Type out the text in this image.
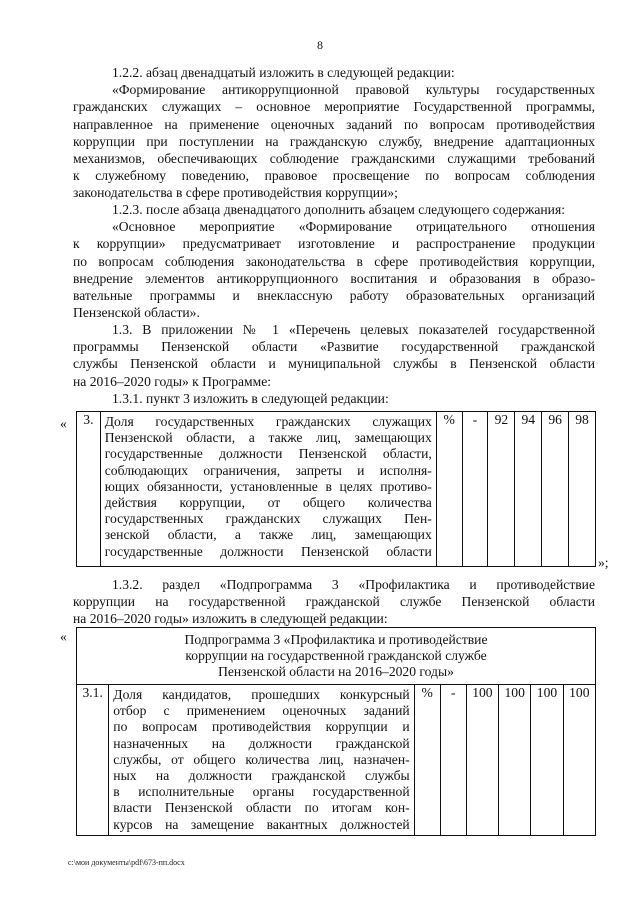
8
1.2.2. абзац двенадцатый изложить в следующей редакции:
«Формирование антикоррупционной правовой культуры государственных
гражданских служащих – основное мероприятие Государственной программы,
направленное на применение оценочных заданий по вопросам противодействия
коррупции при поступлении на гражданскую службу, внедрение адаптационных
механизмов, обеспечивающих соблюдение гражданскими служащими требований
к служебному поведению, правовое просвещение по вопросам соблюдения
законодательства в сфере противодействия коррупции»;
1.2.3. после абзаца двенадцатого дополнить абзацем следующего содержания:
«Основное мероприятие «Формирование отрицательного отношения
к коррупции» предусматривает изготовление и распространение продукции
по вопросам соблюдения законодательства в сфере противодействия коррупции,
внедрение элементов антикоррупционного воспитания и образования в образо-
вательные программы и внеклассную работу образовательных организаций
Пензенской области».
1.3. В приложении № 1 «Перечень целевых показателей государственной
программы Пензенской области «Развитие государственной гражданской
службы Пензенской области и муниципальной службы в Пензенской области
на 2016–2020 годы» к Программе:
1.3.1. пункт 3 изложить в следующей редакции:
« 3.	Доля государственных гражданских служащих
Пензенской области, а также лиц, замещающих
государственные должности Пензенской области,
соблюдающих ограничения, запреты и исполня-
ющих обязанности, установленные в целях противо-
действия коррупции, от общего количества
государственных гражданских служащих Пен-
зенской области, а также лиц, замещающих
государственные должности Пензенской области
	%	-	92	94	96	98
»;
1.3.2. раздел «Подпрограмма 3 «Профилактика и противодействие
коррупции на государственной гражданской службе Пензенской области
на 2016–2020 годы» изложить в следующей редакции:
«	Подпрограмма 3 «Профилактика и противодействие
коррупции на государственной гражданской службе
Пензенской области на 2016–2020 годы»

3.1.	Доля кандидатов, прошедших конкурсный
отбор с применением оценочных заданий
по вопросам противодействия коррупции и
назначенных на должности гражданской
службы, от общего количества лиц, назначен-
ных на должности гражданской службы
в исполнительные органы государственной
власти Пензенской области по итогам кон-
курсов на замещение вакантных должностей
	%	-	100	100	100	100
c:\мои документы\pdf\673-пп.docx
